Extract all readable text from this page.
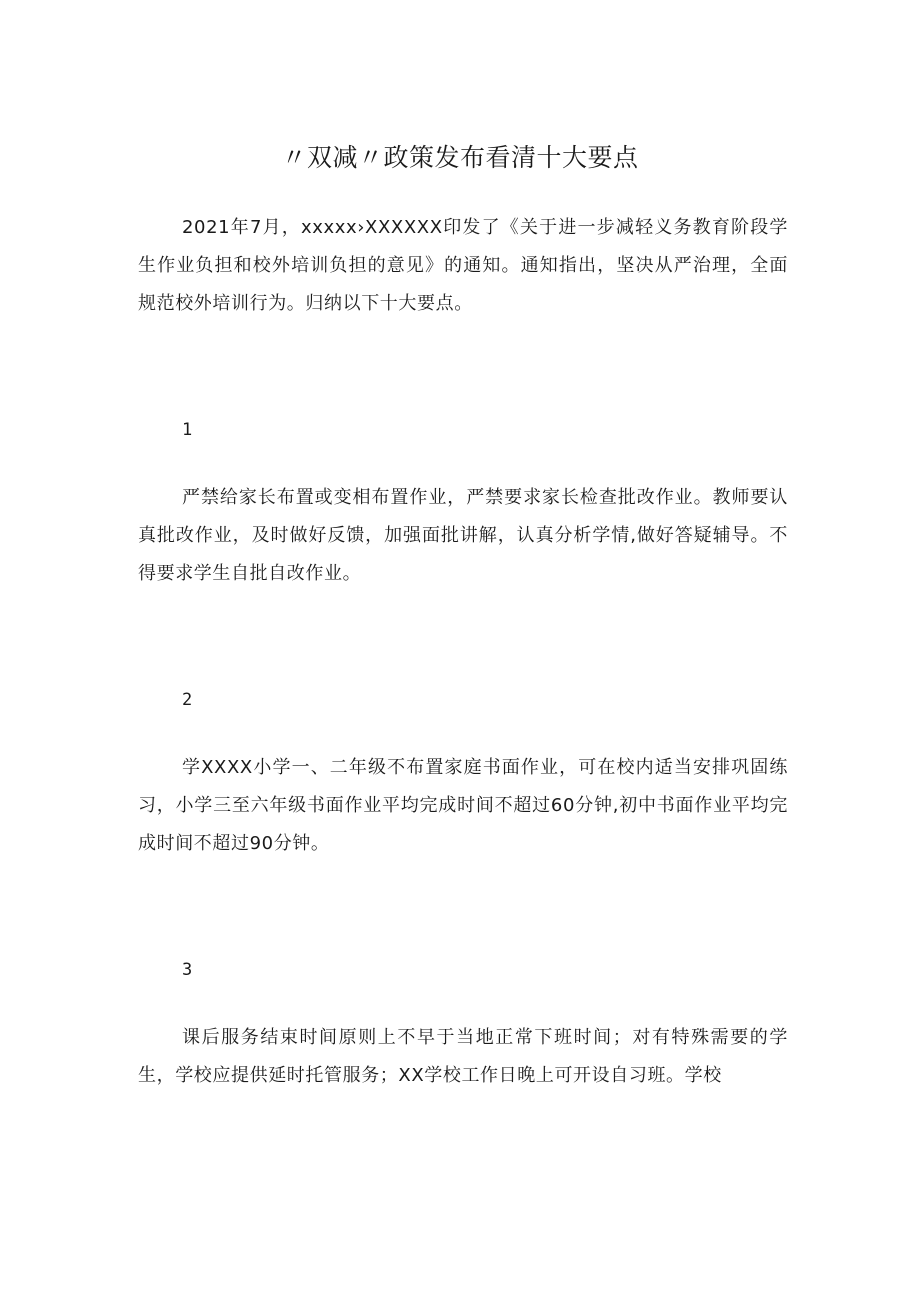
〃双减〃政策发布看清十大要点

2021年7月，xxxxx›XXXXXX印发了《关于进一步减轻义务教育阶段学生作业负担和校外培训负担的意见》的通知。通知指出，坚决从严治理，全面规范校外培训行为。归纳以下十大要点。

1

严禁给家长布置或变相布置作业，严禁要求家长检查批改作业。教师要认真批改作业，及时做好反馈，加强面批讲解，认真分析学情,做好答疑辅导。不得要求学生自批自改作业。

2

学XXXX小学一、二年级不布置家庭书面作业，可在校内适当安排巩固练习，小学三至六年级书面作业平均完成时间不超过60分钟,初中书面作业平均完成时间不超过90分钟。

3

课后服务结束时间原则上不早于当地正常下班时间；对有特殊需要的学生，学校应提供延时托管服务；XX学校工作日晚上可开设自习班。学校
